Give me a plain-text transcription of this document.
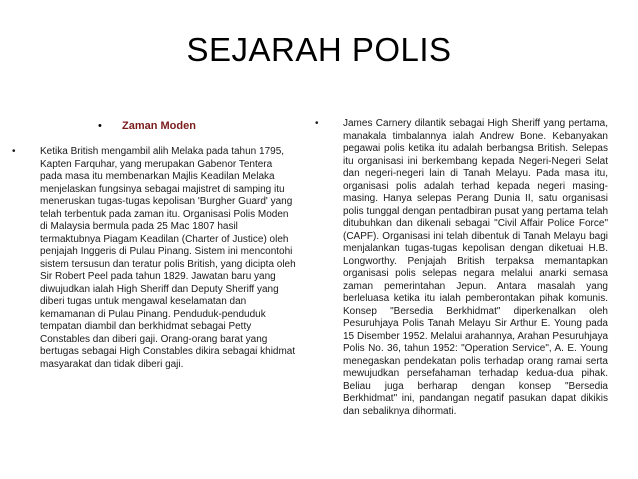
SEJARAH POLIS
• Zaman Moden
• Ketika British mengambil alih Melaka pada tahun 1795, Kapten Farquhar, yang merupakan Gabenor Tentera pada masa itu membenarkan Majlis Keadilan Melaka menjelaskan fungsinya sebagai majistret di samping itu meneruskan tugas-tugas kepolisan 'Burgher Guard' yang telah terbentuk pada zaman itu. Organisasi Polis Moden di Malaysia bermula pada 25 Mac 1807 hasil termaktubnya Piagam Keadilan (Charter of Justice) oleh penjajah Inggeris di Pulau Pinang. Sistem ini mencontohi sistem tersusun dan teratur polis British, yang dicipta oleh Sir Robert Peel pada tahun 1829. Jawatan baru yang diwujudkan ialah High Sheriff dan Deputy Sheriff yang diberi tugas untuk mengawal keselamatan dan kemamanan di Pulau Pinang. Penduduk-penduduk tempatan diambil dan berkhidmat sebagai Petty Constables dan diberi gaji. Orang-orang barat yang bertugas sebagai High Constables dikira sebagai khidmat masyarakat dan tidak diberi gaji.
• James Carnery dilantik sebagai High Sheriff yang pertama, manakala timbalannya ialah Andrew Bone. Kebanyakan pegawai polis ketika itu adalah berbangsa British. Selepas itu organisasi ini berkembang kepada Negeri-Negeri Selat dan negeri-negeri lain di Tanah Melayu. Pada masa itu, organisasi polis adalah terhad kepada negeri masing-masing. Hanya selepas Perang Dunia II, satu organisasi polis tunggal dengan pentadbiran pusat yang pertama telah ditubuhkan dan dikenali sebagai "Civil Affair Police Force" (CAPF). Organisasi ini telah dibentuk di Tanah Melayu bagi menjalankan tugas-tugas kepolisan dengan diketuai H.B. Longworthy. Penjajah British terpaksa memantapkan organisasi polis selepas negara melalui anarki semasa zaman pemerintahan Jepun. Antara masalah yang berleluasa ketika itu ialah pemberontakan pihak komunis. Konsep "Bersedia Berkhidmat" diperkenalkan oleh Pesuruhjaya Polis Tanah Melayu Sir Arthur E. Young pada 15 Disember 1952. Melalui arahannya, Arahan Pesuruhjaya Polis No. 36, tahun 1952: "Operation Service", A. E. Young menegaskan pendekatan polis terhadap orang ramai serta mewujudkan persefahaman terhadap kedua-dua pihak. Beliau juga berharap dengan konsep "Bersedia Berkhidmat" ini, pandangan negatif pasukan dapat dikikis dan sebaliknya dihormati.
